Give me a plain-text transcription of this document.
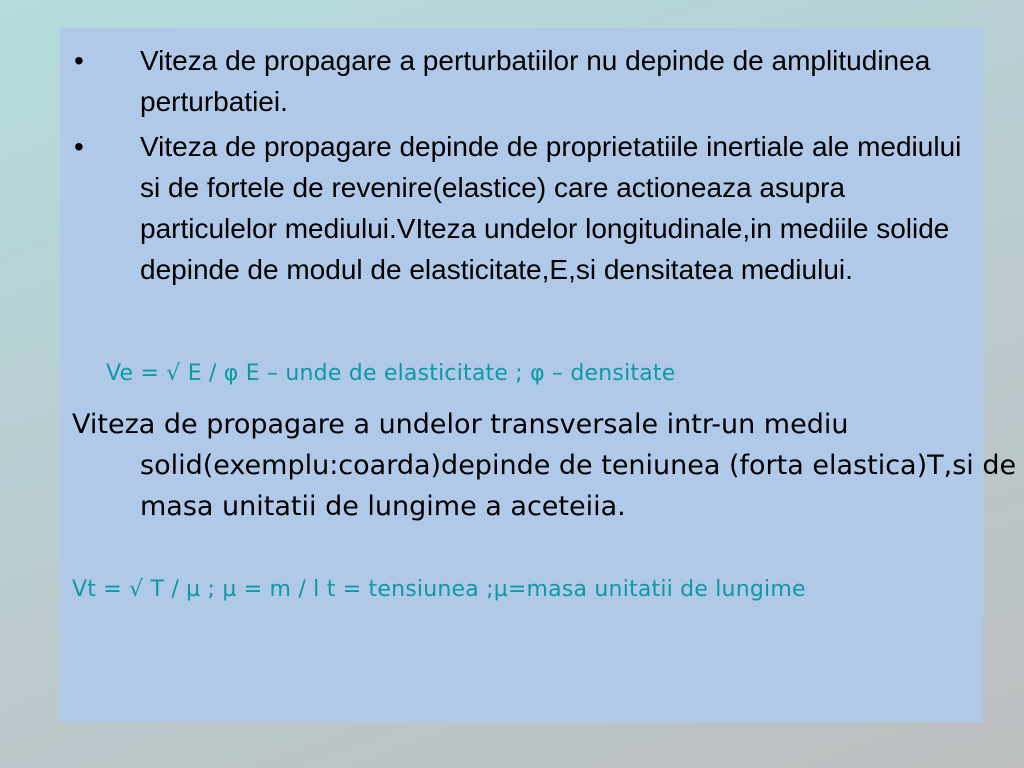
• Viteza de propagare a perturbatiilor nu depinde de amplitudinea perturbatiei.
• Viteza de propagare depinde de proprietatiile inertiale ale mediului si de fortele de revenire(elastice) care actioneaza asupra particulelor mediului.VIteza undelor longitudinale,in mediile solide depinde de modul de elasticitate,E,si densitatea mediului.
Ve = √ E / φ E – unde de elasticitate ; φ – densitate
Viteza de propagare a undelor transversale intr-un mediu solid(exemplu:coarda)depinde de teniunea (forta elastica)T,si de masa unitatii de lungime a aceteiia.
Vt = √ T / µ ; µ = m / l t = tensiunea ;µ=masa unitatii de lungime
